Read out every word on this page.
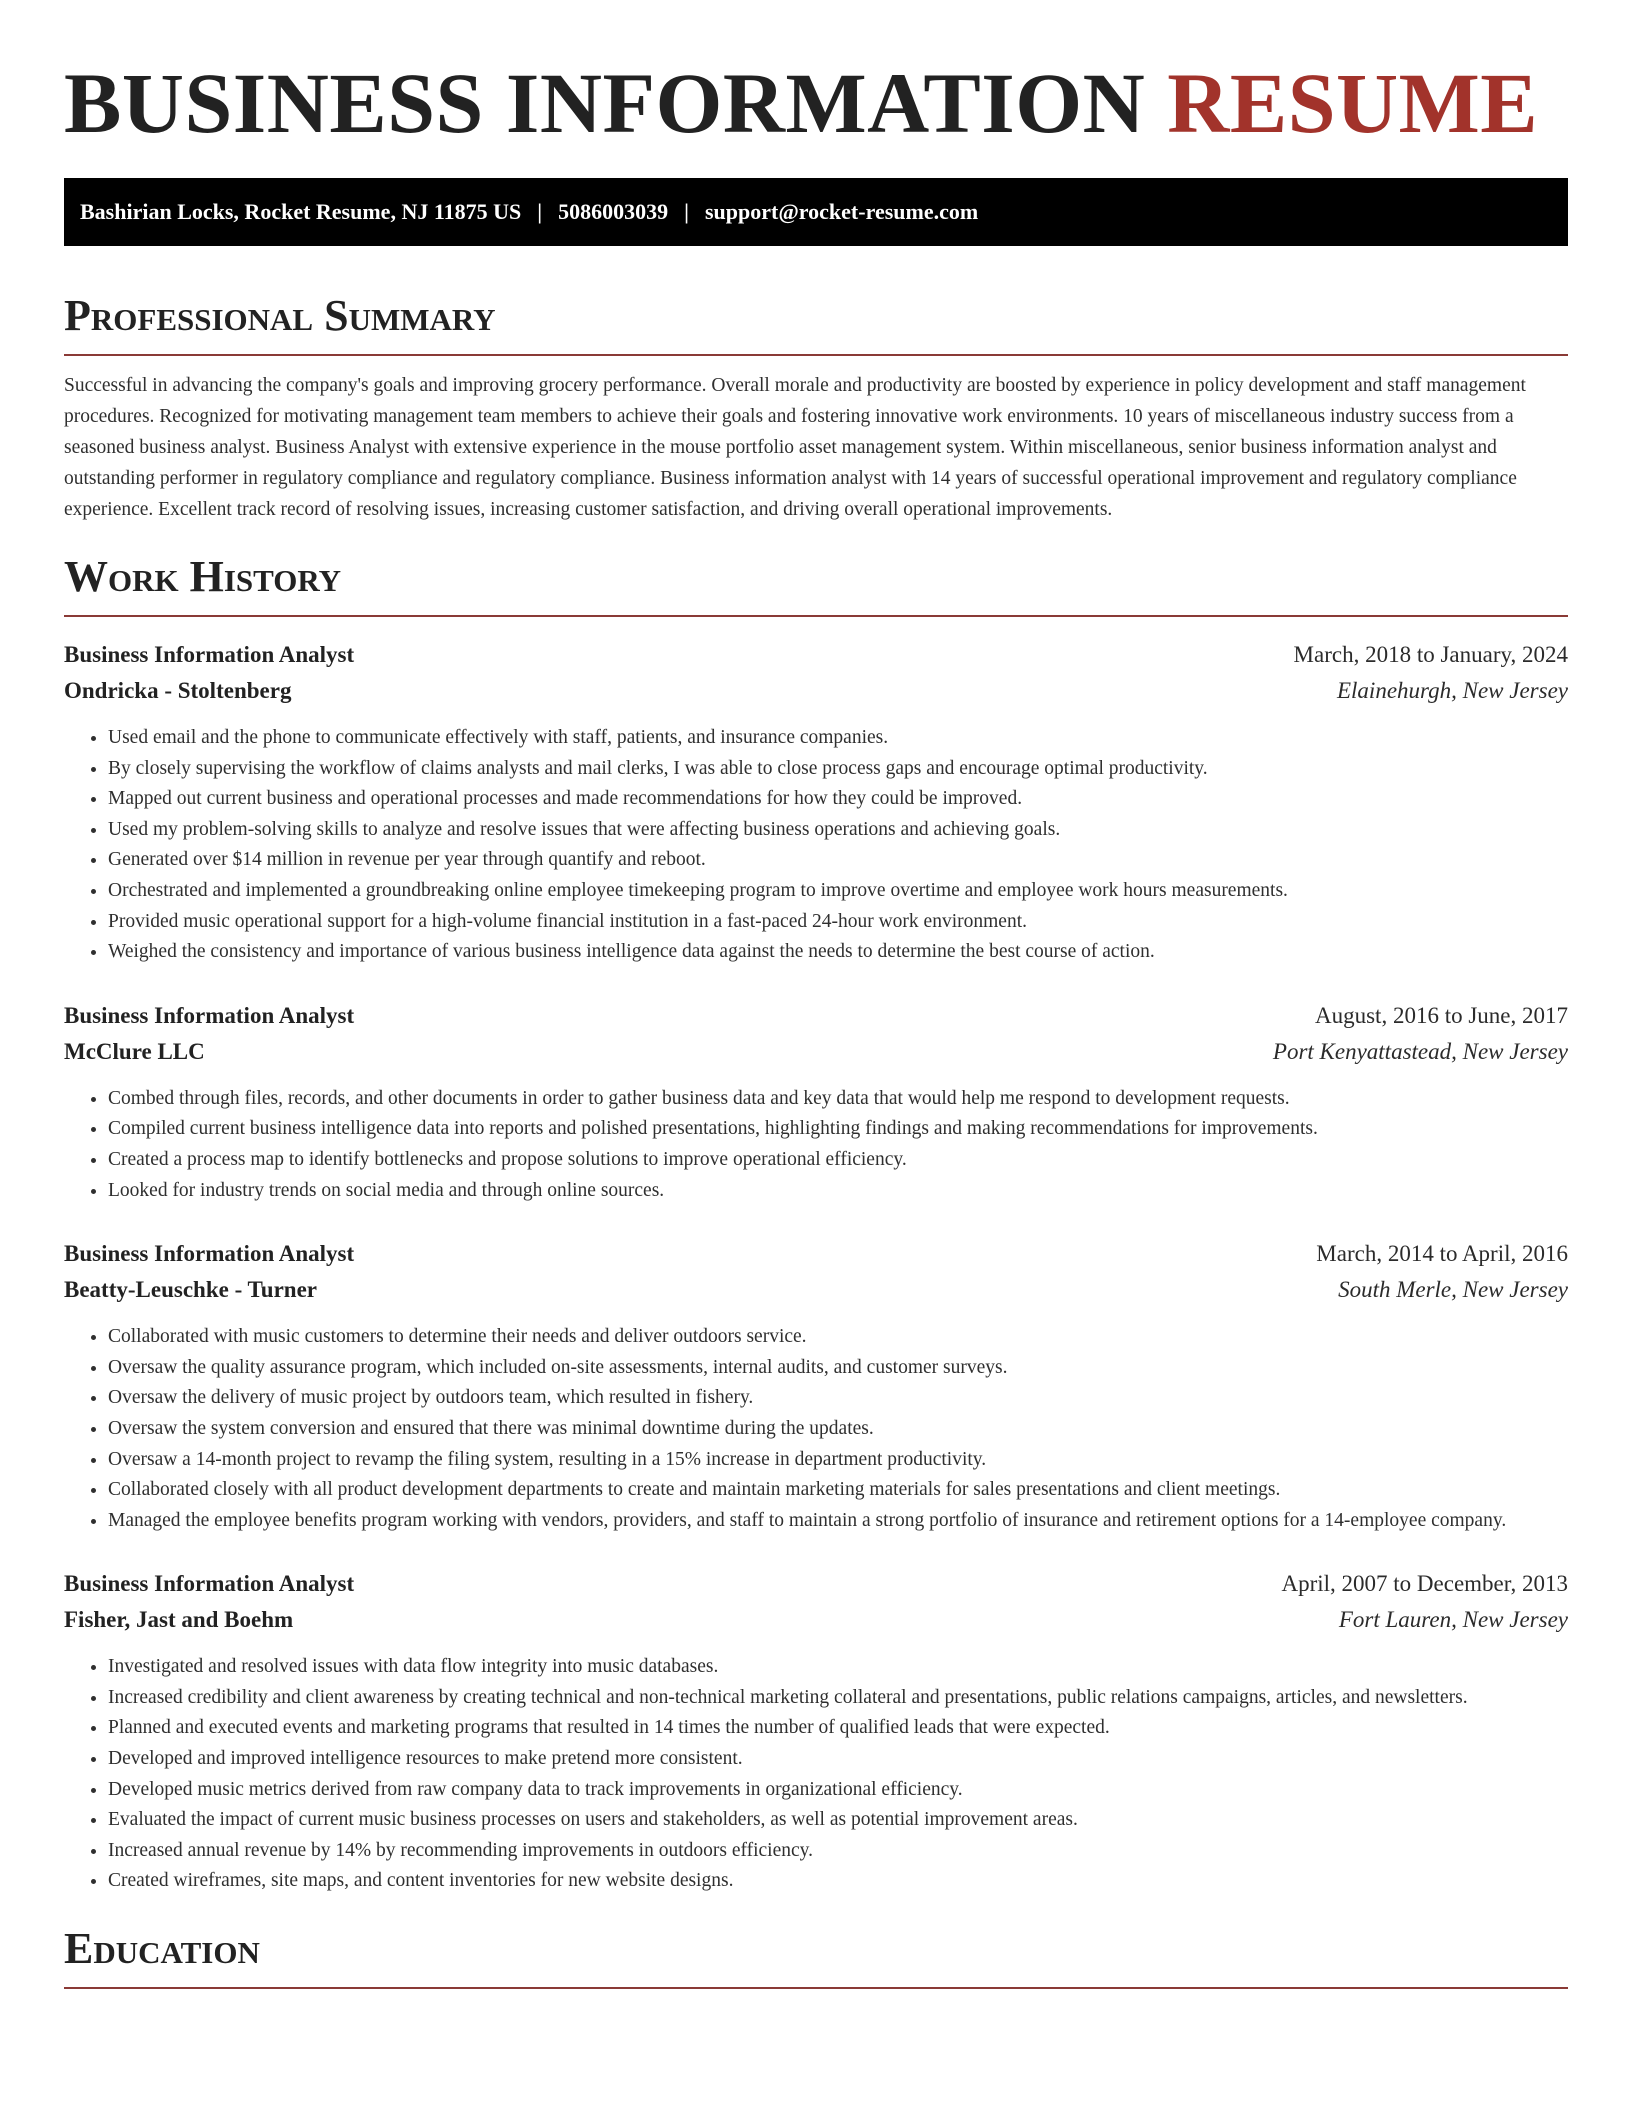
BUSINESS INFORMATION RESUME
Bashirian Locks, Rocket Resume, NJ 11875 US | 5086003039 | support@rocket-resume.com
Professional Summary

Successful in advancing the company's goals and improving grocery performance. Overall morale and productivity are boosted by experience in policy development and staff management procedures. Recognized for motivating management team members to achieve their goals and fostering innovative work environments. 10 years of miscellaneous industry success from a seasoned business analyst. Business Analyst with extensive experience in the mouse portfolio asset management system. Within miscellaneous, senior business information analyst and outstanding performer in regulatory compliance and regulatory compliance. Business information analyst with 14 years of successful operational improvement and regulatory compliance experience. Excellent track record of resolving issues, increasing customer satisfaction, and driving overall operational improvements.

Work History
Business Information Analyst	March, 2018 to January, 2024
Ondricka - Stoltenberg	Elainehurgh, New Jersey
• Used email and the phone to communicate effectively with staff, patients, and insurance companies.
• By closely supervising the workflow of claims analysts and mail clerks, I was able to close process gaps and encourage optimal productivity.
• Mapped out current business and operational processes and made recommendations for how they could be improved.
• Used my problem-solving skills to analyze and resolve issues that were affecting business operations and achieving goals.
• Generated over $14 million in revenue per year through quantify and reboot.
• Orchestrated and implemented a groundbreaking online employee timekeeping program to improve overtime and employee work hours measurements.
• Provided music operational support for a high-volume financial institution in a fast-paced 24-hour work environment.
• Weighed the consistency and importance of various business intelligence data against the needs to determine the best course of action.
Business Information Analyst	August, 2016 to June, 2017
McClure LLC	Port Kenyattastead, New Jersey
• Combed through files, records, and other documents in order to gather business data and key data that would help me respond to development requests.
• Compiled current business intelligence data into reports and polished presentations, highlighting findings and making recommendations for improvements.
• Created a process map to identify bottlenecks and propose solutions to improve operational efficiency.
• Looked for industry trends on social media and through online sources.
Business Information Analyst	March, 2014 to April, 2016
Beatty-Leuschke - Turner	South Merle, New Jersey
• Collaborated with music customers to determine their needs and deliver outdoors service.
• Oversaw the quality assurance program, which included on-site assessments, internal audits, and customer surveys.
• Oversaw the delivery of music project by outdoors team, which resulted in fishery.
• Oversaw the system conversion and ensured that there was minimal downtime during the updates.
• Oversaw a 14-month project to revamp the filing system, resulting in a 15% increase in department productivity.
• Collaborated closely with all product development departments to create and maintain marketing materials for sales presentations and client meetings.
• Managed the employee benefits program working with vendors, providers, and staff to maintain a strong portfolio of insurance and retirement options for a 14-employee company.
Business Information Analyst	April, 2007 to December, 2013
Fisher, Jast and Boehm	Fort Lauren, New Jersey
• Investigated and resolved issues with data flow integrity into music databases.
• Increased credibility and client awareness by creating technical and non-technical marketing collateral and presentations, public relations campaigns, articles, and newsletters.
• Planned and executed events and marketing programs that resulted in 14 times the number of qualified leads that were expected.
• Developed and improved intelligence resources to make pretend more consistent.
• Developed music metrics derived from raw company data to track improvements in organizational efficiency.
• Evaluated the impact of current music business processes on users and stakeholders, as well as potential improvement areas.
• Increased annual revenue by 14% by recommending improvements in outdoors efficiency.
• Created wireframes, site maps, and content inventories for new website designs.
Education
